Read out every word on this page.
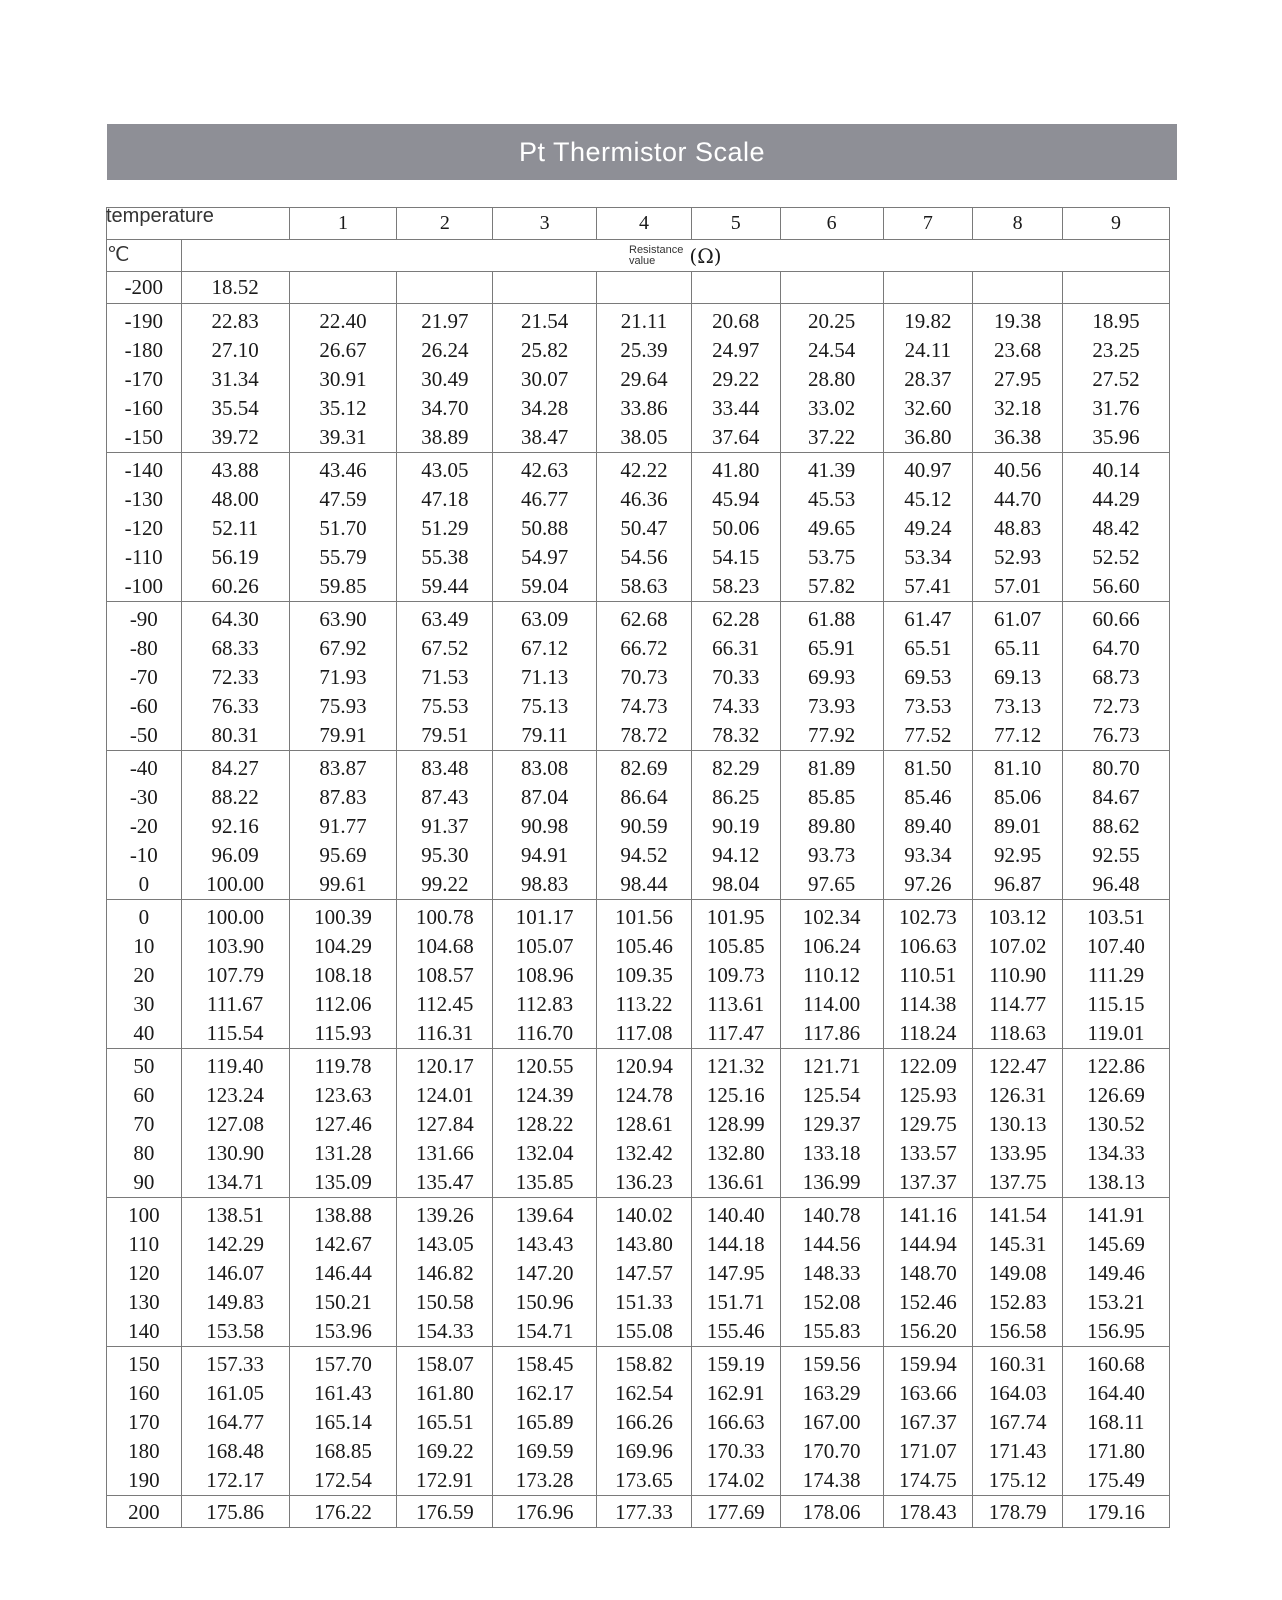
Pt Thermistor Scale
temperature		1	2	3	4	5	6	7	8	9
℃	Resistance
value (Ω)									
-200	18.52									
-190	22.83	22.40	21.97	21.54	21.11	20.68	20.25	19.82	19.38	18.95
-180	27.10	26.67	26.24	25.82	25.39	24.97	24.54	24.11	23.68	23.25
-170	31.34	30.91	30.49	30.07	29.64	29.22	28.80	28.37	27.95	27.52
-160	35.54	35.12	34.70	34.28	33.86	33.44	33.02	32.60	32.18	31.76
-150	39.72	39.31	38.89	38.47	38.05	37.64	37.22	36.80	36.38	35.96
-140	43.88	43.46	43.05	42.63	42.22	41.80	41.39	40.97	40.56	40.14
-130	48.00	47.59	47.18	46.77	46.36	45.94	45.53	45.12	44.70	44.29
-120	52.11	51.70	51.29	50.88	50.47	50.06	49.65	49.24	48.83	48.42
-110	56.19	55.79	55.38	54.97	54.56	54.15	53.75	53.34	52.93	52.52
-100	60.26	59.85	59.44	59.04	58.63	58.23	57.82	57.41	57.01	56.60
-90	64.30	63.90	63.49	63.09	62.68	62.28	61.88	61.47	61.07	60.66
-80	68.33	67.92	67.52	67.12	66.72	66.31	65.91	65.51	65.11	64.70
-70	72.33	71.93	71.53	71.13	70.73	70.33	69.93	69.53	69.13	68.73
-60	76.33	75.93	75.53	75.13	74.73	74.33	73.93	73.53	73.13	72.73
-50	80.31	79.91	79.51	79.11	78.72	78.32	77.92	77.52	77.12	76.73
-40	84.27	83.87	83.48	83.08	82.69	82.29	81.89	81.50	81.10	80.70
-30	88.22	87.83	87.43	87.04	86.64	86.25	85.85	85.46	85.06	84.67
-20	92.16	91.77	91.37	90.98	90.59	90.19	89.80	89.40	89.01	88.62
-10	96.09	95.69	95.30	94.91	94.52	94.12	93.73	93.34	92.95	92.55
0	100.00	99.61	99.22	98.83	98.44	98.04	97.65	97.26	96.87	96.48
0	100.00	100.39	100.78	101.17	101.56	101.95	102.34	102.73	103.12	103.51
10	103.90	104.29	104.68	105.07	105.46	105.85	106.24	106.63	107.02	107.40
20	107.79	108.18	108.57	108.96	109.35	109.73	110.12	110.51	110.90	111.29
30	111.67	112.06	112.45	112.83	113.22	113.61	114.00	114.38	114.77	115.15
40	115.54	115.93	116.31	116.70	117.08	117.47	117.86	118.24	118.63	119.01
50	119.40	119.78	120.17	120.55	120.94	121.32	121.71	122.09	122.47	122.86
60	123.24	123.63	124.01	124.39	124.78	125.16	125.54	125.93	126.31	126.69
70	127.08	127.46	127.84	128.22	128.61	128.99	129.37	129.75	130.13	130.52
80	130.90	131.28	131.66	132.04	132.42	132.80	133.18	133.57	133.95	134.33
90	134.71	135.09	135.47	135.85	136.23	136.61	136.99	137.37	137.75	138.13
100	138.51	138.88	139.26	139.64	140.02	140.40	140.78	141.16	141.54	141.91
110	142.29	142.67	143.05	143.43	143.80	144.18	144.56	144.94	145.31	145.69
120	146.07	146.44	146.82	147.20	147.57	147.95	148.33	148.70	149.08	149.46
130	149.83	150.21	150.58	150.96	151.33	151.71	152.08	152.46	152.83	153.21
140	153.58	153.96	154.33	154.71	155.08	155.46	155.83	156.20	156.58	156.95
150	157.33	157.70	158.07	158.45	158.82	159.19	159.56	159.94	160.31	160.68
160	161.05	161.43	161.80	162.17	162.54	162.91	163.29	163.66	164.03	164.40
170	164.77	165.14	165.51	165.89	166.26	166.63	167.00	167.37	167.74	168.11
180	168.48	168.85	169.22	169.59	169.96	170.33	170.70	171.07	171.43	171.80
190	172.17	172.54	172.91	173.28	173.65	174.02	174.38	174.75	175.12	175.49
200	175.86	176.22	176.59	176.96	177.33	177.69	178.06	178.43	178.79	179.16
